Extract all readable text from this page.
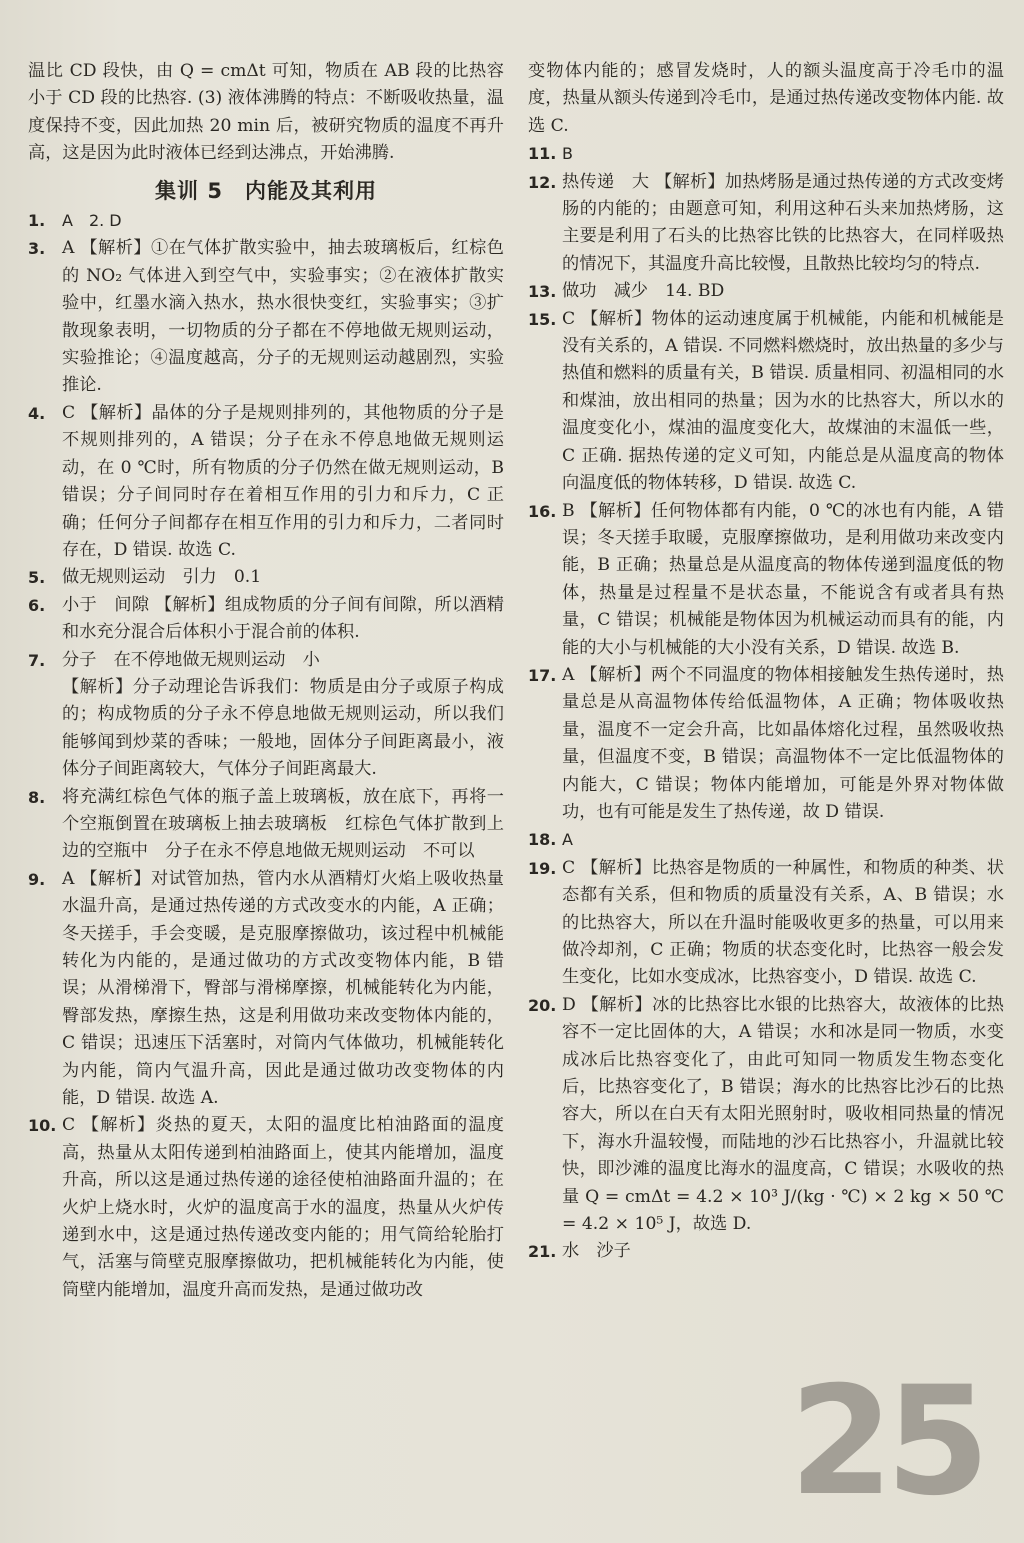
温比 CD 段快，由 Q = cmΔt 可知，物质在 AB 段的比热容小于 CD 段的比热容. (3) 液体沸腾的特点：不断吸收热量，温度保持不变，因此加热 20 min 后，被研究物质的温度不再升高，这是因为此时液体已经到达沸点，开始沸腾.

集训 5　内能及其利用

1. A　2. D

3. A 【解析】①在气体扩散实验中，抽去玻璃板后，红棕色的 NO₂ 气体进入到空气中，实验事实；②在液体扩散实验中，红墨水滴入热水，热水很快变红，实验事实；③扩散现象表明，一切物质的分子都在不停地做无规则运动，实验推论；④温度越高，分子的无规则运动越剧烈，实验推论.

4. C 【解析】晶体的分子是规则排列的，其他物质的分子是不规则排列的，A 错误；分子在永不停息地做无规则运动，在 0 ℃时，所有物质的分子仍然在做无规则运动，B 错误；分子间同时存在着相互作用的引力和斥力，C 正确；任何分子间都存在相互作用的引力和斥力，二者同时存在，D 错误. 故选 C.

5. 做无规则运动　引力　0.1

6. 小于　间隙 【解析】组成物质的分子间有间隙，所以酒精和水充分混合后体积小于混合前的体积.

7. 分子　在不停地做无规则运动　小

【解析】分子动理论告诉我们：物质是由分子或原子构成的；构成物质的分子永不停息地做无规则运动，所以我们能够闻到炒菜的香味；一般地，固体分子间距离最小，液体分子间距离较大，气体分子间距离最大.

8. 将充满红棕色气体的瓶子盖上玻璃板，放在底下，再将一个空瓶倒置在玻璃板上抽去玻璃板　红棕色气体扩散到上边的空瓶中　分子在永不停息地做无规则运动　不可以

9. A 【解析】对试管加热，管内水从酒精灯火焰上吸收热量水温升高，是通过热传递的方式改变水的内能，A 正确；冬天搓手，手会变暖，是克服摩擦做功，该过程中机械能转化为内能的，是通过做功的方式改变物体内能，B 错误；从滑梯滑下，臀部与滑梯摩擦，机械能转化为内能，臀部发热，摩擦生热，这是利用做功来改变物体内能的，C 错误；迅速压下活塞时，对筒内气体做功，机械能转化为内能，筒内气温升高，因此是通过做功改变物体的内能，D 错误. 故选 A.

10. C 【解析】炎热的夏天，太阳的温度比柏油路面的温度高，热量从太阳传递到柏油路面上，使其内能增加，温度升高，所以这是通过热传递的途径使柏油路面升温的；在火炉上烧水时，火炉的温度高于水的温度，热量从火炉传递到水中，这是通过热传递改变内能的；用气筒给轮胎打气，活塞与筒壁克服摩擦做功，把机械能转化为内能，使筒壁内能增加，温度升高而发热，是通过做功改

变物体内能的；感冒发烧时，人的额头温度高于冷毛巾的温度，热量从额头传递到冷毛巾，是通过热传递改变物体内能. 故选 C.

11. B

12. 热传递　大 【解析】加热烤肠是通过热传递的方式改变烤肠的内能的；由题意可知，利用这种石头来加热烤肠，这主要是利用了石头的比热容比铁的比热容大，在同样吸热的情况下，其温度升高比较慢，且散热比较均匀的特点.

13. 做功　减少　14. BD

15. C 【解析】物体的运动速度属于机械能，内能和机械能是没有关系的，A 错误. 不同燃料燃烧时，放出热量的多少与热值和燃料的质量有关，B 错误. 质量相同、初温相同的水和煤油，放出相同的热量；因为水的比热容大，所以水的温度变化小，煤油的温度变化大，故煤油的末温低一些，C 正确. 据热传递的定义可知，内能总是从温度高的物体向温度低的物体转移，D 错误. 故选 C.

16. B 【解析】任何物体都有内能，0 ℃的冰也有内能，A 错误；冬天搓手取暖，克服摩擦做功，是利用做功来改变内能，B 正确；热量总是从温度高的物体传递到温度低的物体，热量是过程量不是状态量，不能说含有或者具有热量，C 错误；机械能是物体因为机械运动而具有的能，内能的大小与机械能的大小没有关系，D 错误. 故选 B.

17. A 【解析】两个不同温度的物体相接触发生热传递时，热量总是从高温物体传给低温物体，A 正确；物体吸收热量，温度不一定会升高，比如晶体熔化过程，虽然吸收热量，但温度不变，B 错误；高温物体不一定比低温物体的内能大，C 错误；物体内能增加，可能是外界对物体做功，也有可能是发生了热传递，故 D 错误.

18. A

19. C 【解析】比热容是物质的一种属性，和物质的种类、状态都有关系，但和物质的质量没有关系，A、B 错误；水的比热容大，所以在升温时能吸收更多的热量，可以用来做冷却剂，C 正确；物质的状态变化时，比热容一般会发生变化，比如水变成冰，比热容变小，D 错误. 故选 C.

20. D 【解析】冰的比热容比水银的比热容大，故液体的比热容不一定比固体的大，A 错误；水和冰是同一物质，水变成冰后比热容变化了，由此可知同一物质发生物态变化后，比热容变化了，B 错误；海水的比热容比沙石的比热容大，所以在白天有太阳光照射时，吸收相同热量的情况下，海水升温较慢，而陆地的沙石比热容小，升温就比较快，即沙滩的温度比海水的温度高，C 错误；水吸收的热量 Q = cmΔt = 4.2 × 10³ J/(kg · ℃) × 2 kg × 50 ℃ = 4.2 × 10⁵ J，故选 D.

21. 水　沙子

25
